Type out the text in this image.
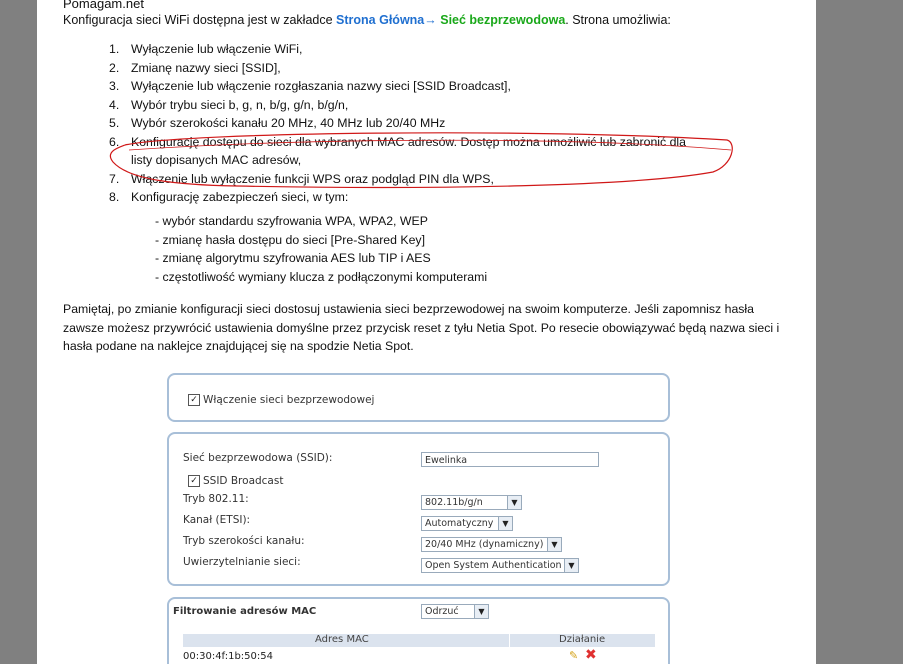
Pomagam.net
Konfiguracja sieci WiFi dostępna jest w zakładce Strona Główna→ Sieć bezprzewodowa. Strona umożliwia:
1. Wyłączenie lub włączenie WiFi,
2. Zmianę nazwy sieci [SSID],
3. Wyłączenie lub włączenie rozgłaszania nazwy sieci [SSID Broadcast],
4. Wybór trybu sieci b, g, n, b/g, g/n, b/g/n,
5. Wybór szerokości kanału 20 MHz, 40 MHz lub 20/40 MHz
6. Konfigurację dostępu do sieci dla wybranych MAC adresów. Dostęp można umożliwić lub zabronić dla listy dopisanych MAC adresów,
7. Włączenie lub wyłączenie funkcji WPS oraz podgląd PIN dla WPS,
8. Konfigurację zabezpieczeń sieci, w tym:
- wybór standardu szyfrowania WPA, WPA2, WEP
- zmianę hasła dostępu do sieci [Pre-Shared Key]
- zmianę algorytmu szyfrowania AES lub TIP i AES
- częstotliwość wymiany klucza z podłączonymi komputerami
Pamiętaj, po zmianie konfiguracji sieci dostosuj ustawienia sieci bezprzewodowej na swoim komputerze. Jeśli zapomnisz hasła zawsze możesz przywrócić ustawienia domyślne przez przycisk reset z tyłu Netia Spot. Po resecie obowiązywać będą nazwa sieci i hasła podane na naklejce znajdującej się na spodzie Netia Spot.
✓ Włączenie sieci bezprzewodowej
Sieć bezprzewodowa (SSID):	Ewelinka
✓ SSID Broadcast
Tryb 802.11:	802.11b/g/n	▼
Kanał (ETSI):	Automatyczny	▼
Tryb szerokości kanału:	20/40 MHz (dynamiczny)	▼
Uwierzytelnianie sieci:	Open System Authentication ▼
Filtrowanie adresów MAC	Odrzuć	▼
Adres MAC	Działanie
00:30:4f:1b:50:54	✎ ✖
